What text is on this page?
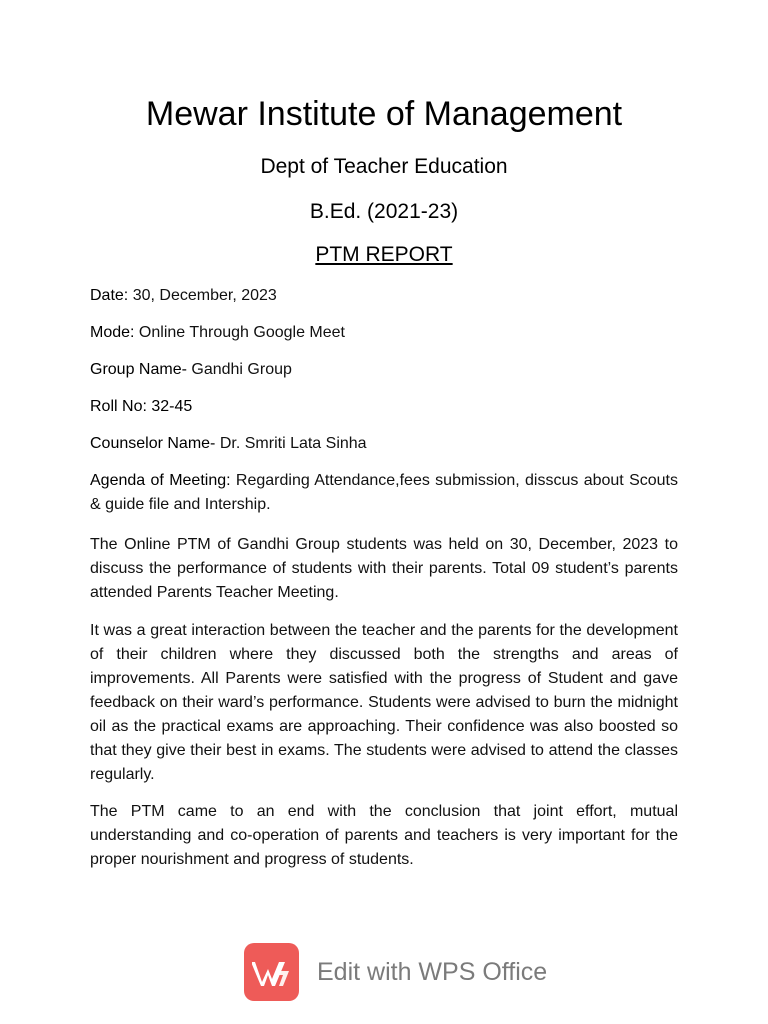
Mewar Institute of Management
Dept of Teacher Education
B.Ed. (2021-23)
PTM REPORT
Date: 30, December, 2023
Mode: Online Through Google Meet
Group Name- Gandhi Group
Roll No: 32-45
Counselor Name- Dr. Smriti Lata Sinha
Agenda of Meeting: Regarding Attendance,fees submission, disscus about Scouts & guide file and Intership.
The Online PTM of Gandhi Group students was held on 30, December, 2023 to discuss the performance of students with their parents. Total 09 student’s parents attended Parents Teacher Meeting.
It was a great interaction between the teacher and the parents for the development of their children where they discussed both the strengths and areas of improvements. All Parents were satisfied with the progress of Student and gave feedback on their ward’s performance. Students were advised to burn the midnight oil as the practical exams are approaching. Their confidence was also boosted so that they give their best in exams. The students were advised to attend the classes regularly.
The PTM came to an end with the conclusion that joint effort, mutual understanding and co-operation of parents and teachers is very important for the proper nourishment and progress of students.
Edit with WPS Office
